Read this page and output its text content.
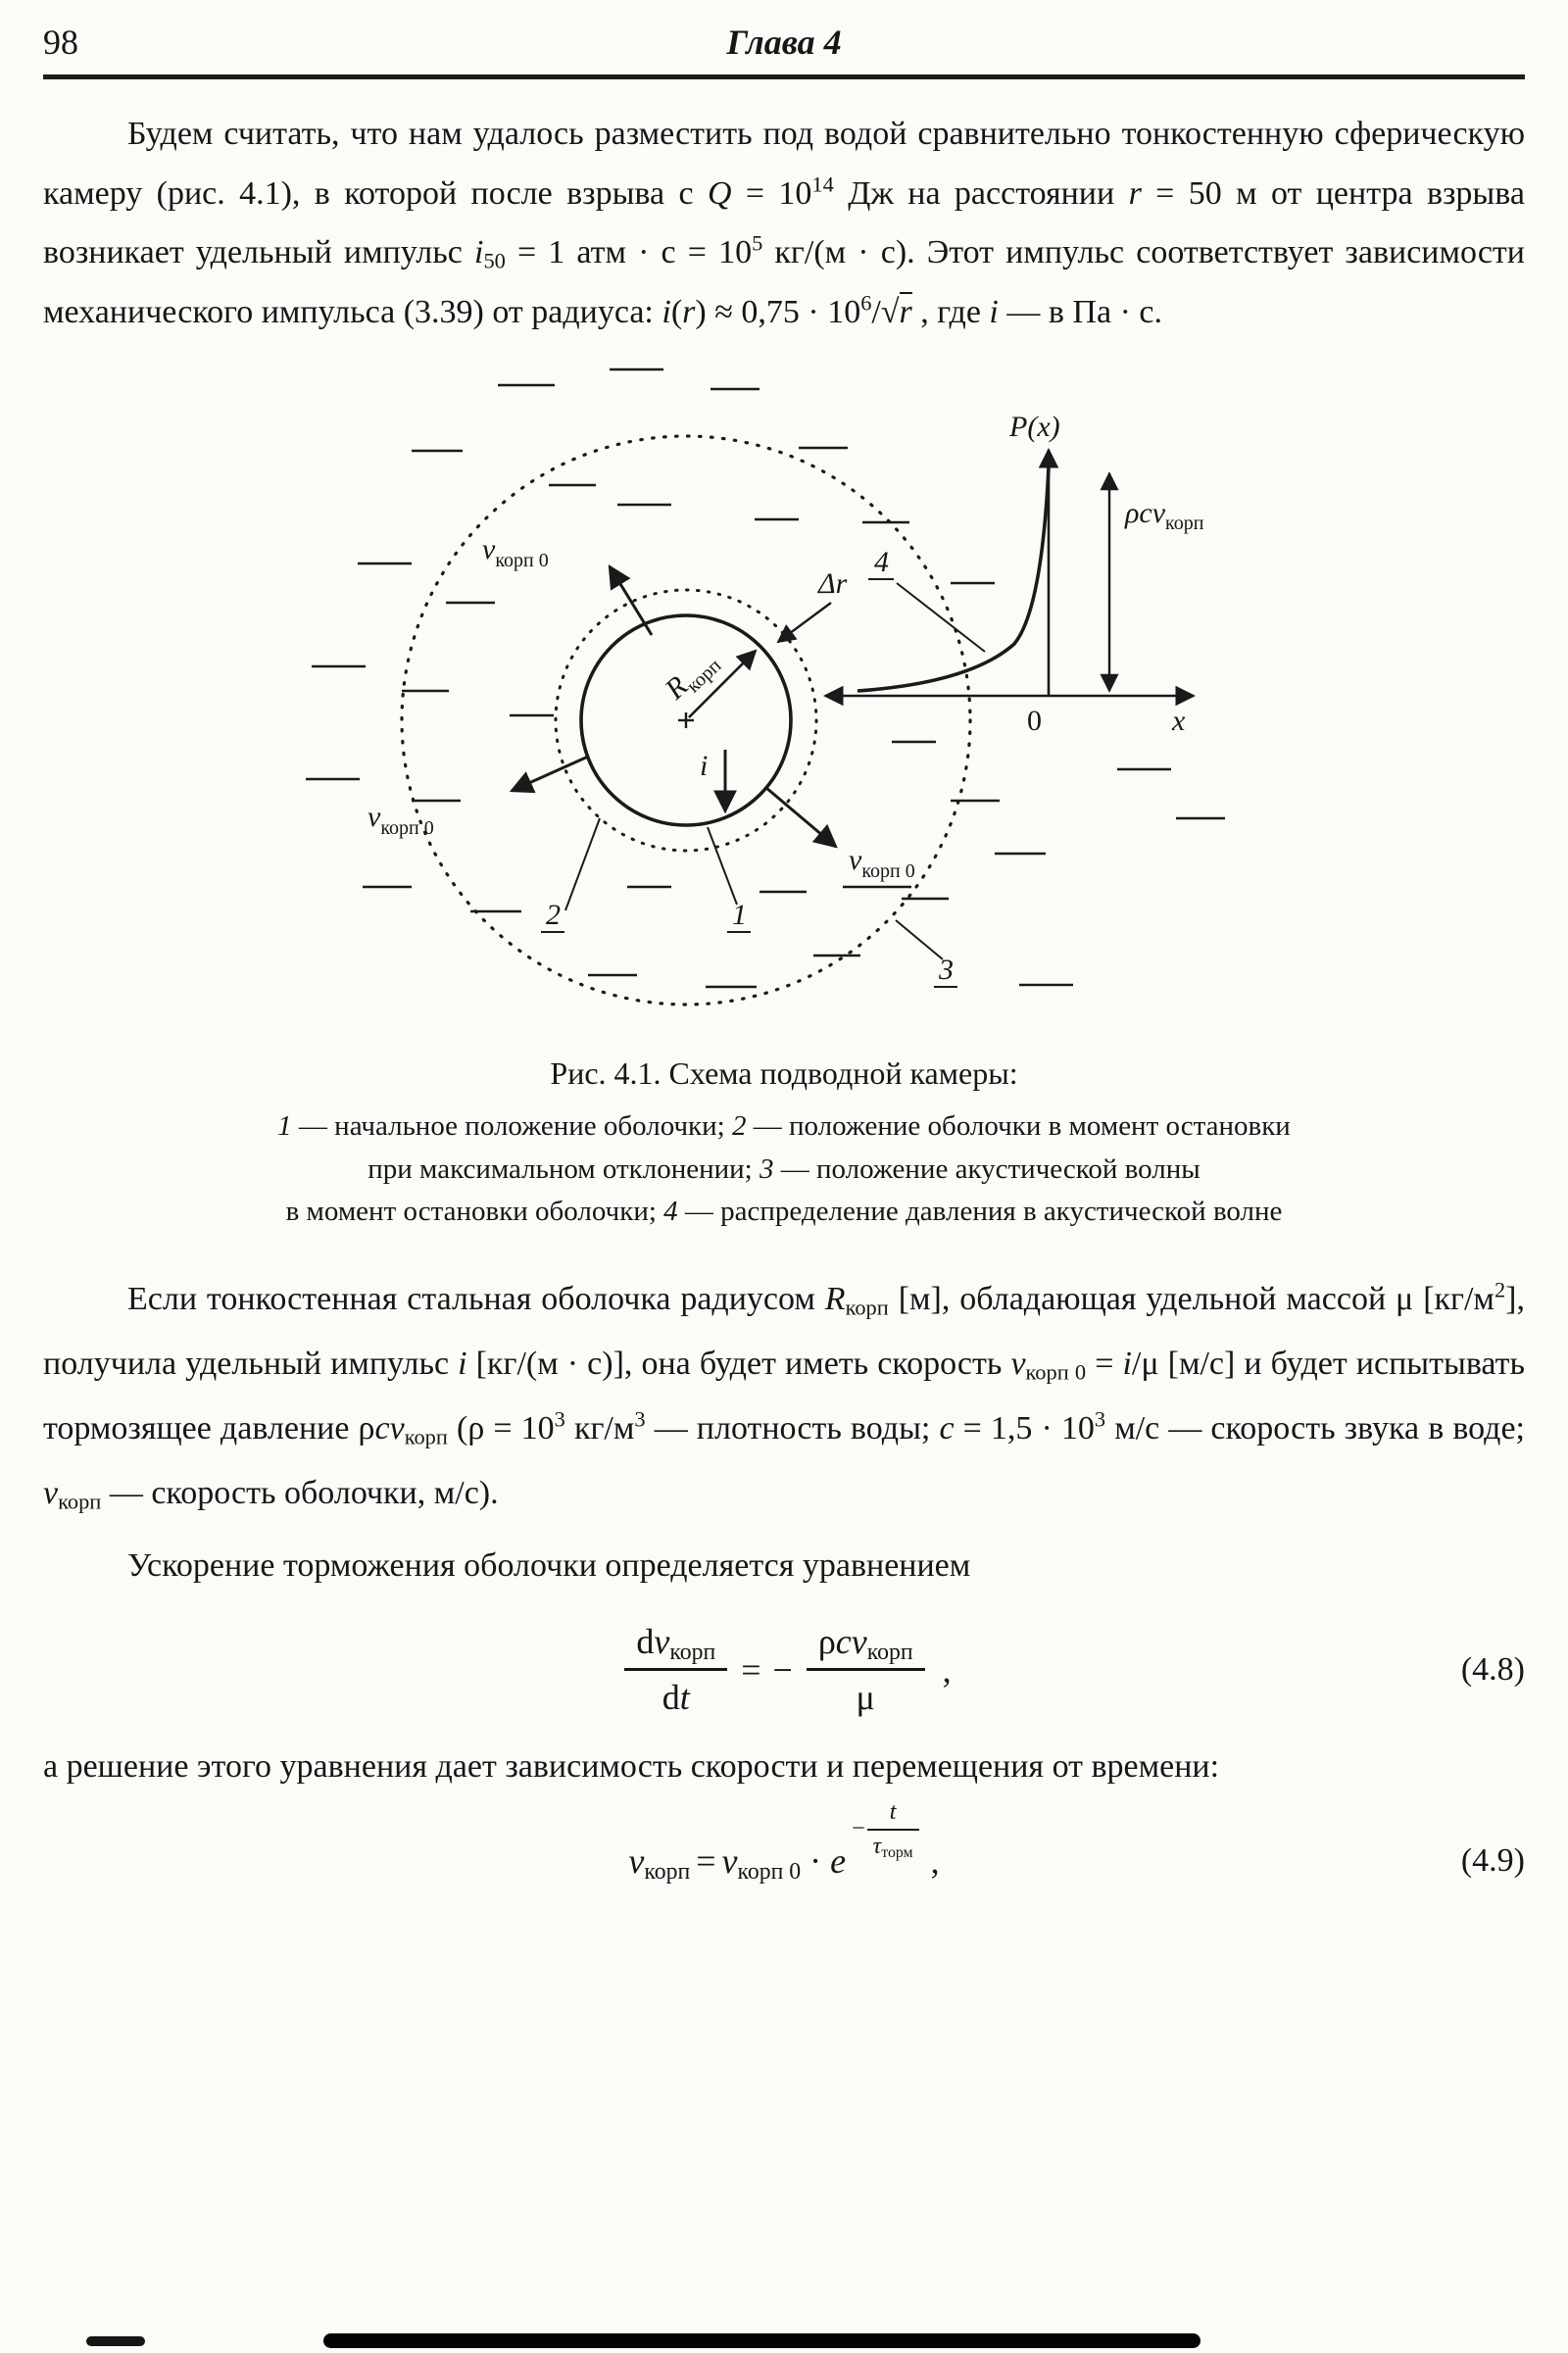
98	Глава 4

Будем считать, что нам удалось разместить под водой сравнительно тонкостенную сферическую камеру (рис. 4.1), в которой после взрыва с $Q = 10^{14}$ Дж на расстоянии r = 50 м от центра взрыва возникает удельный импульс $i_{50} = 1$ атм · $с = 10^5$ кг/(м · с). Этот импульс соответствует зависимости механического импульса (3.39) от радиуса: $i(r) \approx 0,75 \cdot 10^6/√r$ , где i — в Па · с.

$R_{корп}$
Δr
$v_{корп 0}$
$v_{корп 0}$
$v_{корп 0}$
i
P(x)
0	x
ρcv$_{корп}$
4
2	1
3
Рис. 4.1. Схема подводной камеры:
1 — начальное положение оболочки; 2 — положение оболочки в момент остановки
при максимальном отклонении; 3 — положение акустической волны
в момент остановки оболочки; 4 — распределение давления в акустической волне

Если тонкостенная стальная оболочка радиусом $R_{корп}$ [м], обладающая удельной массой μ $[кг/м^2]$, получила удельный импульс i [кг/(м · с)], она будет иметь скорость $v_{корп 0} = i/\mu$ [м/с] и будет испытывать тормозящее давление ρcv$_{корп}$ ($\rho = 10^3$ $кг/м^3$ — плотность воды; $c = 1,5 \cdot 10^3$ м/с — скорость звука в воде; $v_{корп}$ — скорость оболочки, м/с).

Ускорение торможения оболочки определяется уравнением

$\frac{dv_{корп}}{dt}$ = − $\frac{\rho cv_{корп}}{\mu}$ ,	(4.8)

а решение этого уравнения дает зависимость скорости и перемещения от времени:

$v_{корп} = v_{корп 0} \cdot e$
− $\frac{t}{\tau_{торм}}$
,	(4.9)
